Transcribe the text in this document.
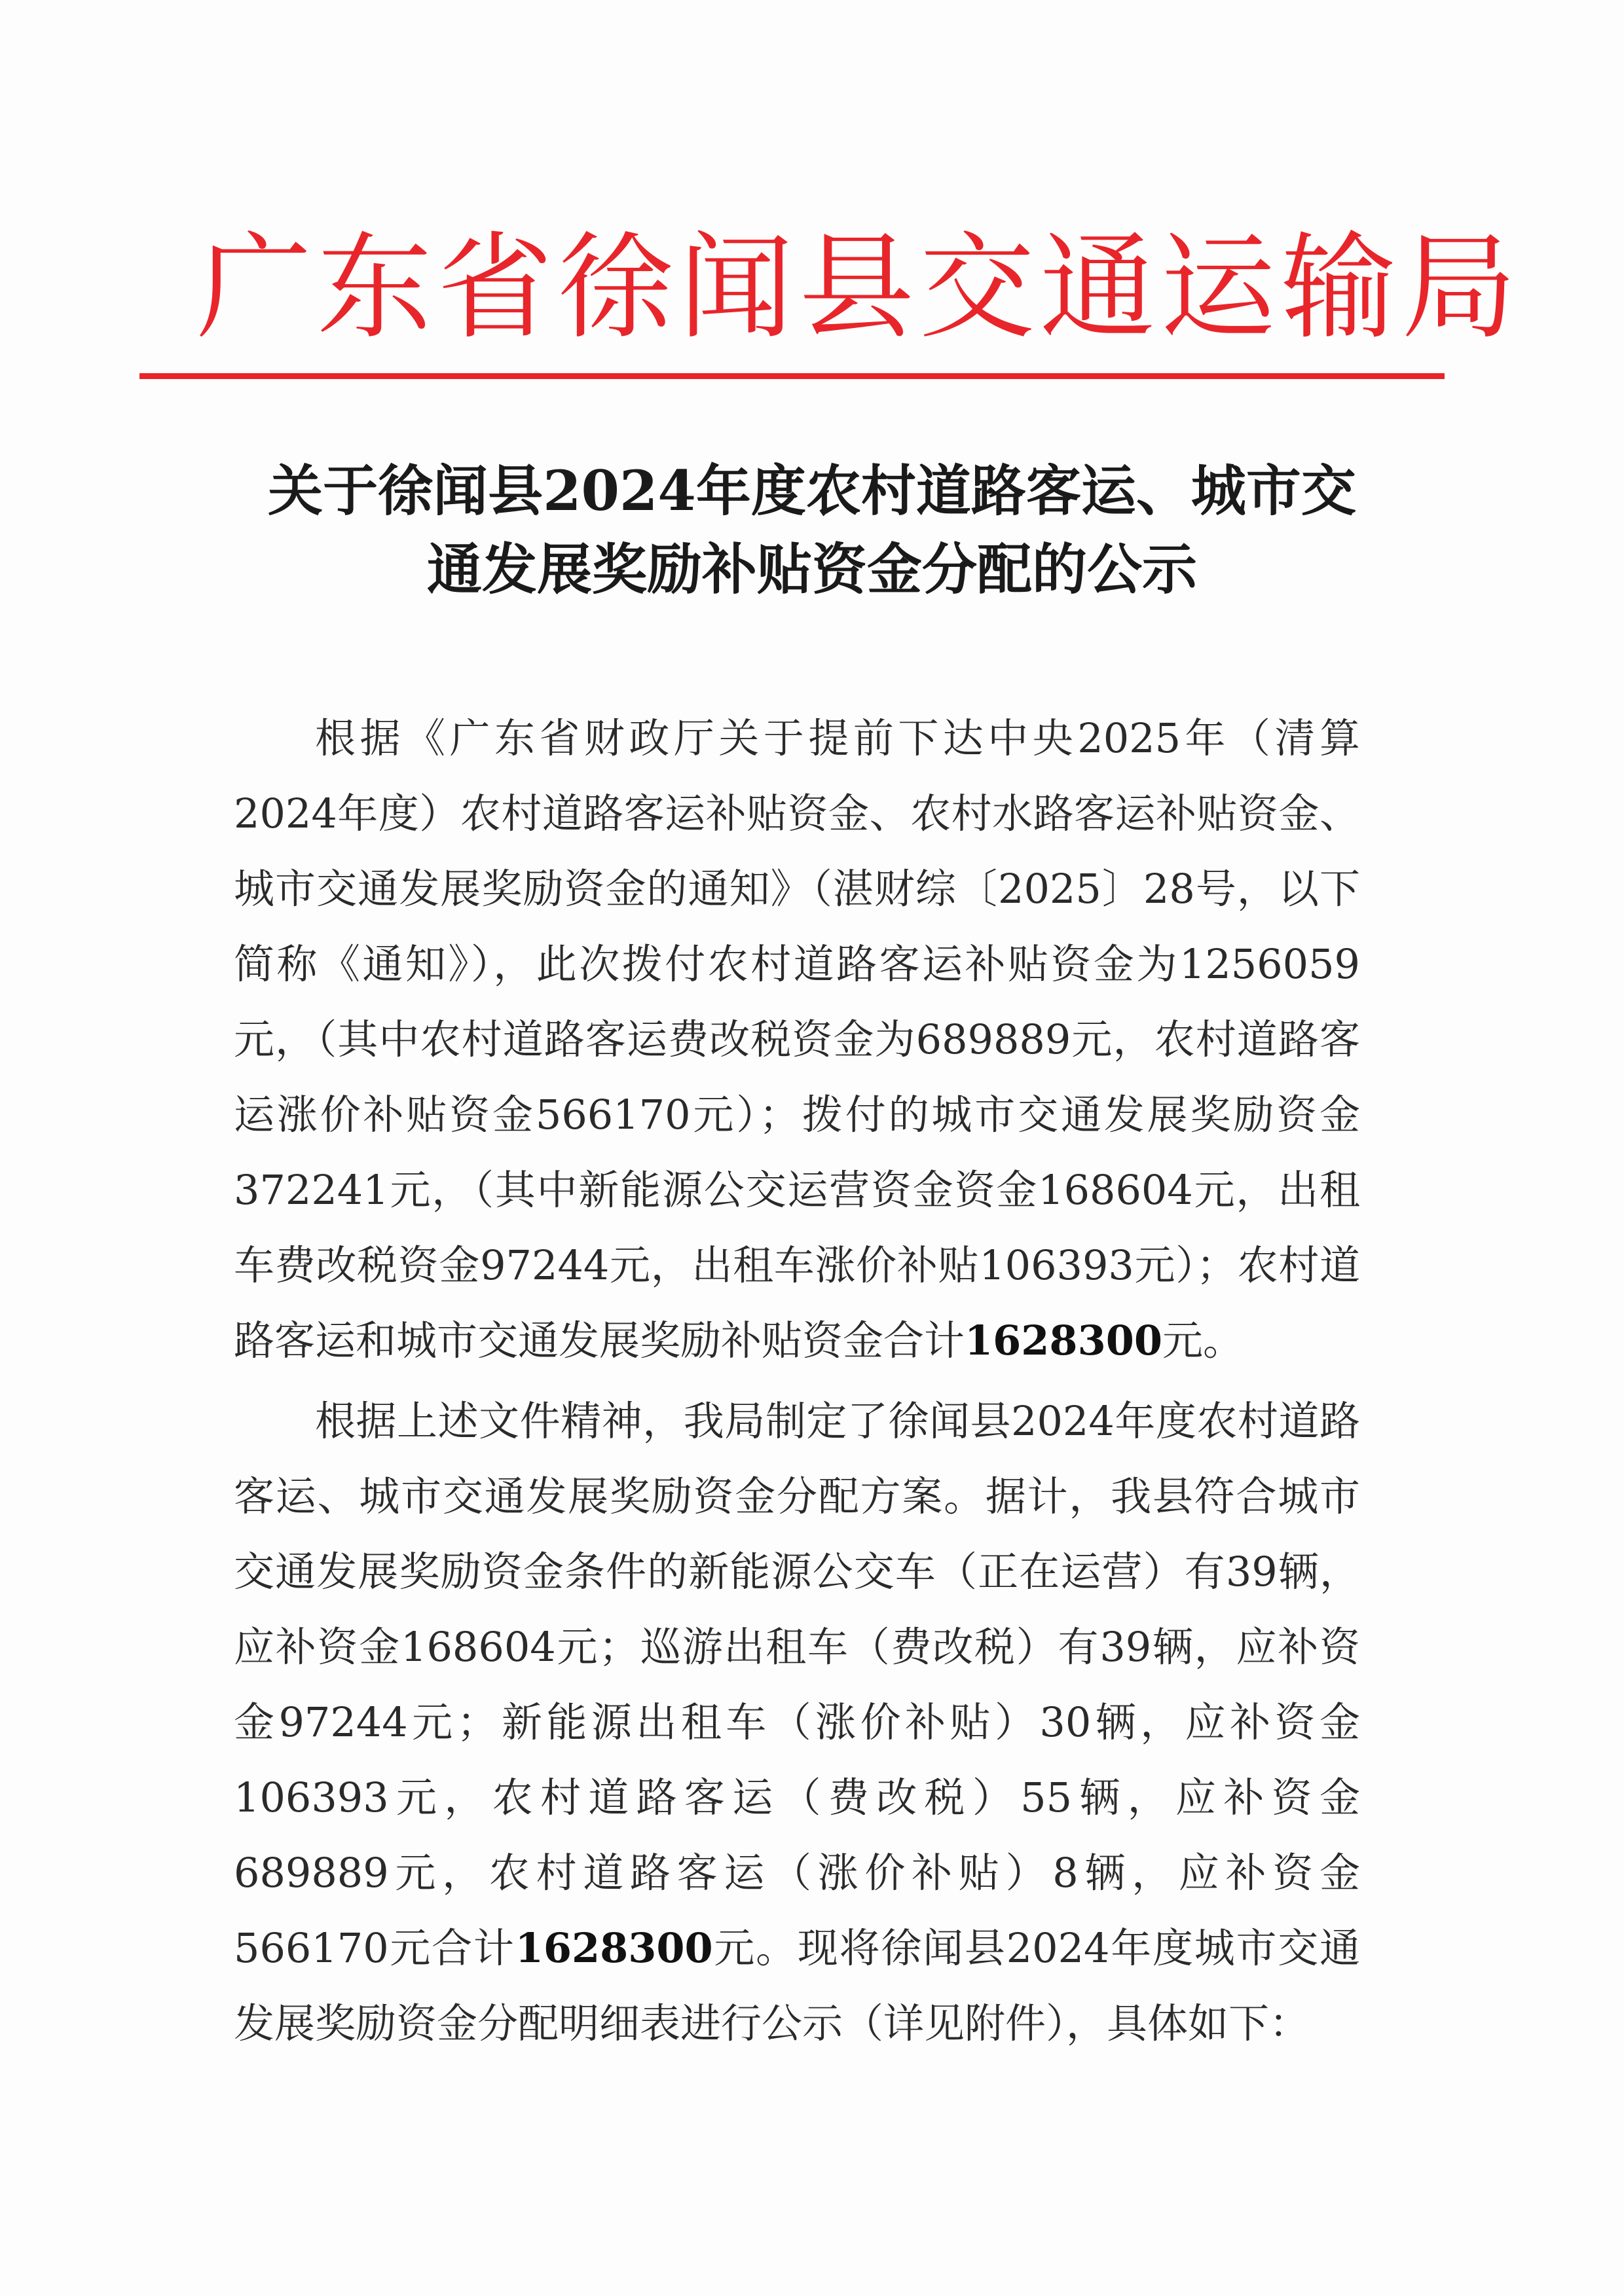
广东省徐闻县交通运输局
关于徐闻县2024年度农村道路客运、城市交
通发展奖励补贴资金分配的公示

根据《广东省财政厅关于提前下达中央2025年（清算2024年度）农村道路客运补贴资金、农村水路客运补贴资金、城市交通发展奖励资金的通知》（湛财综〔2025〕28号，以下简称《通知》），此次拨付农村道路客运补贴资金为1256059元，（其中农村道路客运费改税资金为689889元，农村道路客运涨价补贴资金566170元）；拨付的城市交通发展奖励资金372241元，（其中新能源公交运营资金资金168604元，出租车费改税资金97244元，出租车涨价补贴106393元）；农村道路客运和城市交通发展奖励补贴资金合计1628300元。

根据上述文件精神，我局制定了徐闻县2024年度农村道路客运、城市交通发展奖励资金分配方案。据计，我县符合城市交通发展奖励资金条件的新能源公交车（正在运营）有39辆，应补资金168604元；巡游出租车（费改税）有39辆，应补资金97244元；新能源出租车（涨价补贴）30辆，应补资金106393元，农村道路客运（费改税）55辆，应补资金689889元，农村道路客运（涨价补贴）8辆，应补资金566170元合计1628300元。现将徐闻县2024年度城市交通发展奖励资金分配明细表进行公示（详见附件），具体如下：
